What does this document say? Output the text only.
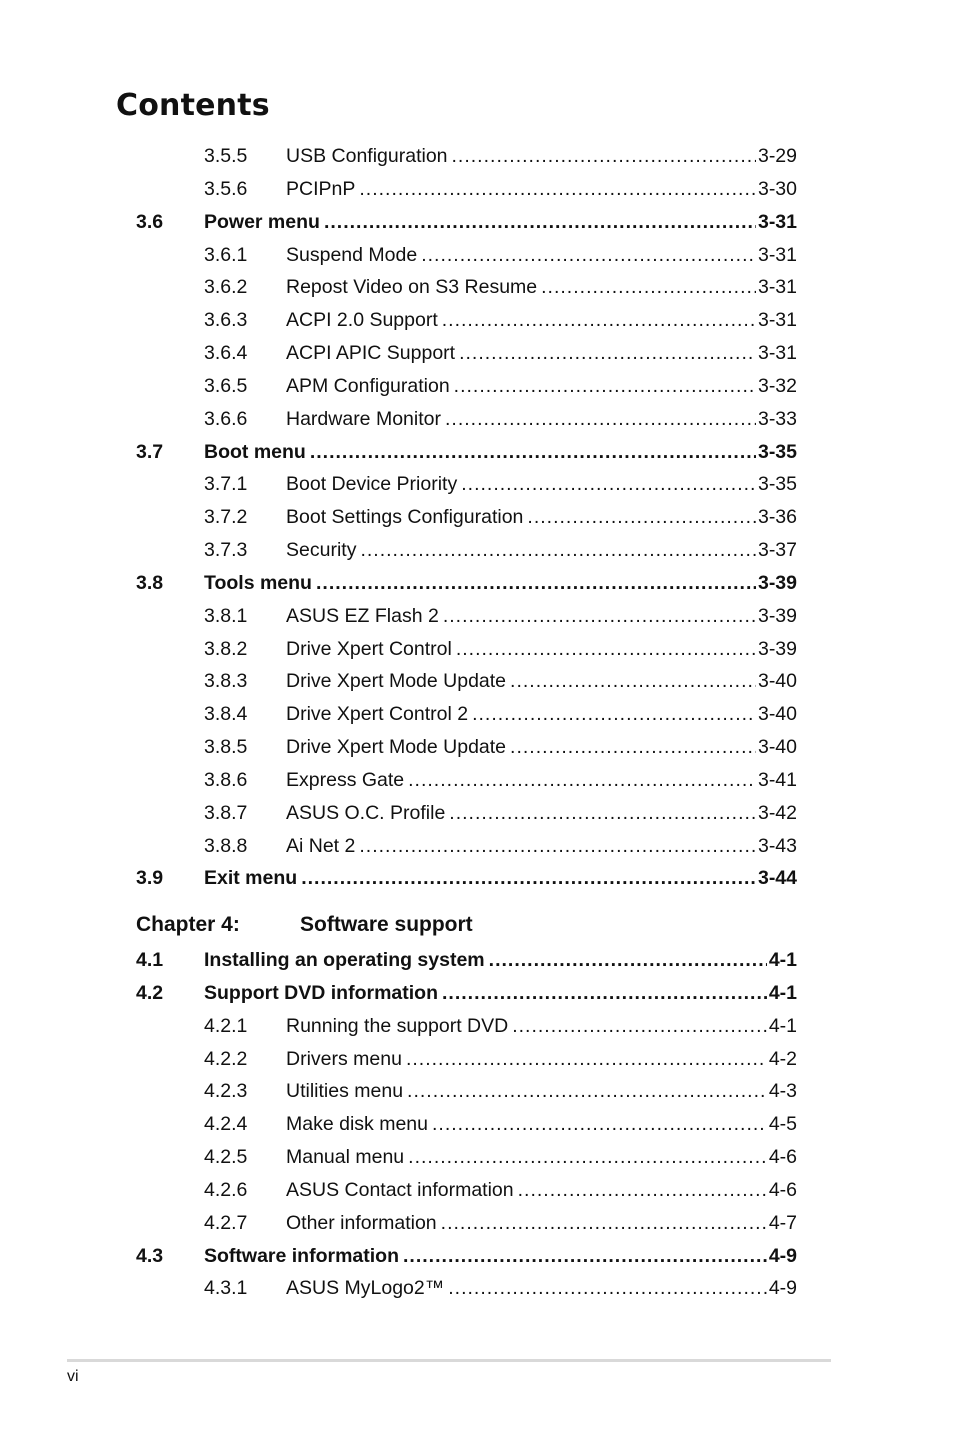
Contents
3.5.5 USB Configuration .....	3-29
3.5.6 PCIPnP .....	3-30
3.6 Power menu .....	3-31
3.6.1 Suspend Mode .....	3-31
3.6.2 Repost Video on S3 Resume .....	3-31
3.6.3 ACPI 2.0 Support .....	3-31
3.6.4 ACPI APIC Support .....	3-31
3.6.5 APM Configuration .....	3-32
3.6.6 Hardware Monitor .....	3-33
3.7 Boot menu .....	3-35
3.7.1 Boot Device Priority .....	3-35
3.7.2 Boot Settings Configuration .....	3-36
3.7.3 Security .....	3-37
3.8 Tools menu .....	3-39
3.8.1 ASUS EZ Flash 2 .....	3-39
3.8.2 Drive Xpert Control .....	3-39
3.8.3 Drive Xpert Mode Update .....	3-40
3.8.4 Drive Xpert Control 2 .....	3-40
3.8.5 Drive Xpert Mode Update .....	3-40
3.8.6 Express Gate .....	3-41
3.8.7 ASUS O.C. Profile .....	3-42
3.8.8 Ai Net 2 .....	3-43
3.9 Exit menu .....	3-44
Chapter 4:	Software support
4.1 Installing an operating system .....	4-1
4.2 Support DVD information .....	4-1
4.2.1 Running the support DVD .....	4-1
4.2.2 Drivers menu .....	4-2
4.2.3 Utilities menu .....	4-3
4.2.4 Make disk menu .....	4-5
4.2.5 Manual menu .....	4-6
4.2.6 ASUS Contact information .....	4-6
4.2.7 Other information .....	4-7
4.3 Software information .....	4-9
4.3.1 ASUS MyLogo2™ .....	4-9
vi
